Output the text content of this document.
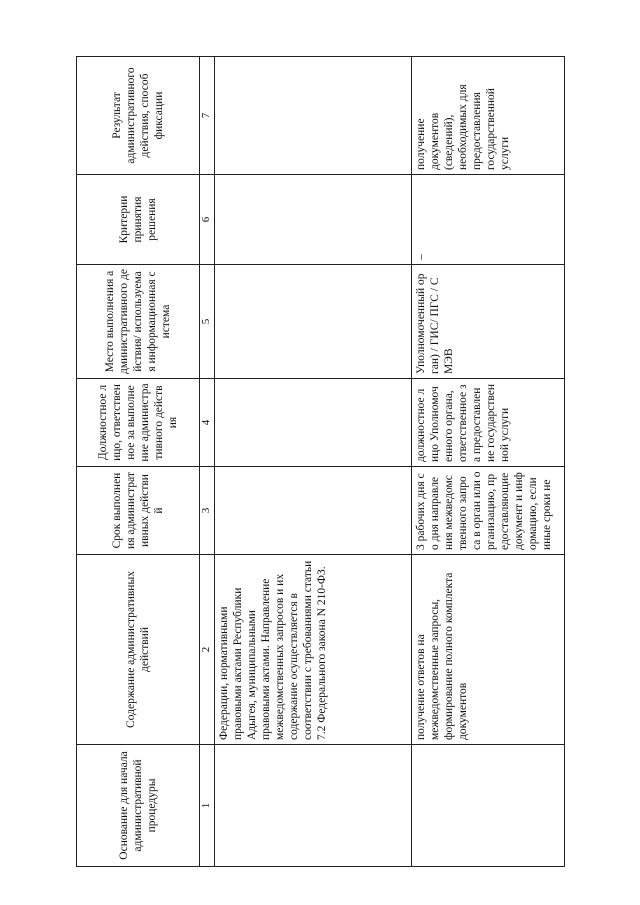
Основание для начала административной процедуры	Содержание административных действий	Срок выполнения административных действий	Должностное лицо, ответственное за выполнение административного действия	Место выполнения административного действия/ используемая информационная система	Критерии принятия решения	Результат административного действия, способ фиксации

1	2	3	4	5	6	7

	Федерации, нормативными правовыми актами Республики Адыгея, муниципальными правовыми актами. Направление межведомственных запросов и их содержание осуществляется в соответствии с требованиями статьи 7.2 Федерального закона N 210-ФЗ.					

	получение ответов на межведомственные запросы, формирование полного комплекта документов	3 рабочих дня со дня направления межведомственного запроса в орган или организацию, предоставляющие документ и информацию, если иные сроки не	должностное лицо Уполномоченного органа, ответственное за предоставление государственной услуги	Уполномоченный орган) / ГИС/ ПГС / СМЭВ	–	получение документов (сведений), необходимых для предоставления государственной услуги
